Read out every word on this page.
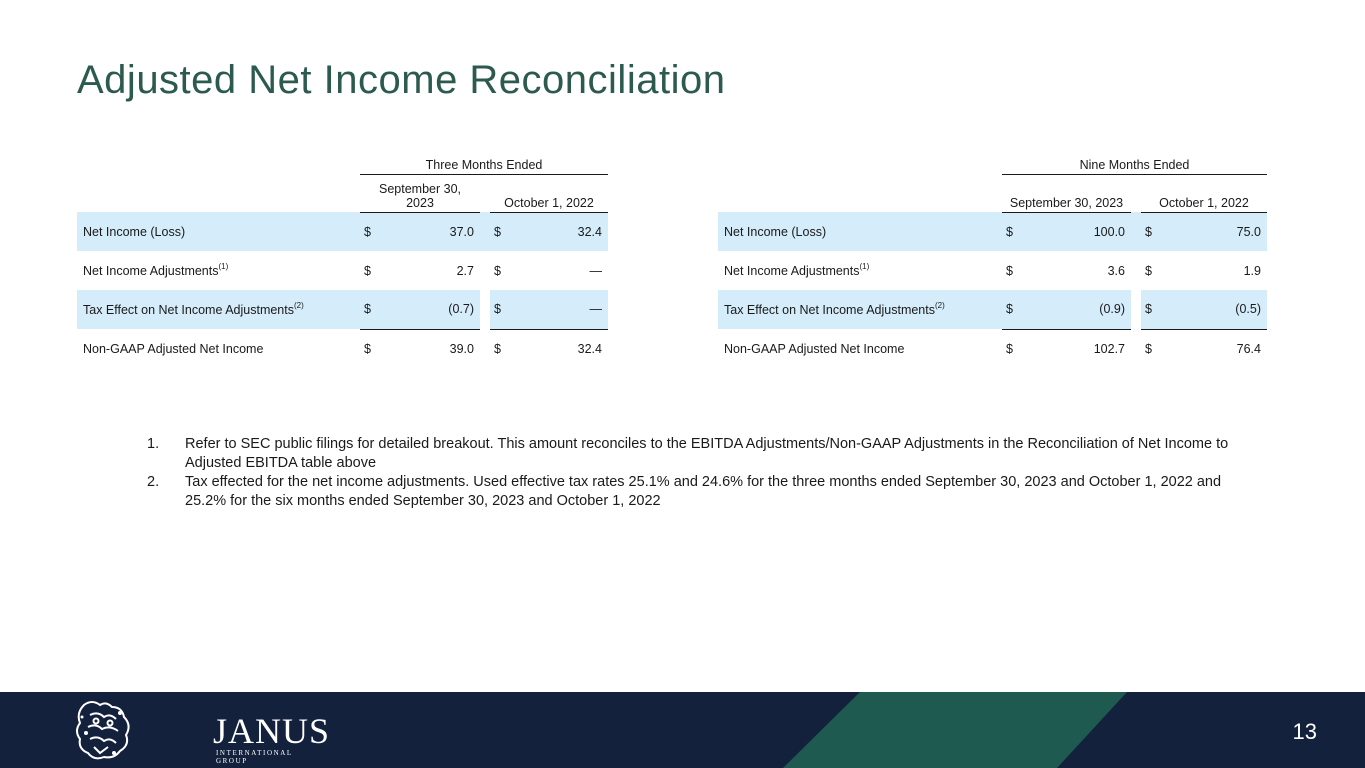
Adjusted Net Income Reconciliation
	Three Months Ended				
	September 30,
2023			October 1, 2022	
Net Income (Loss)	$	37.0		$	32.4
Net Income Adjustments$^{(1)}$	$	2.7		$	—
Tax Effect on Net Income Adjustments$^{(2)}$	$	(0.7)		$	—
Non-GAAP Adjusted Net Income	$	39.0		$	32.4
	Nine Months Ended				
	September 30, 2023			October 1, 2022	
Net Income (Loss)	$	100.0		$	75.0
Net Income Adjustments$^{(1)}$	$	3.6		$	1.9
Tax Effect on Net Income Adjustments$^{(2)}$	$	(0.9)		$	(0.5)
Non-GAAP Adjusted Net Income	$	102.7		$	76.4
1. Refer to SEC public filings for detailed breakout. This amount reconciles to the EBITDA Adjustments/Non-GAAP Adjustments in the Reconciliation of Net Income to Adjusted EBITDA table above
2. Tax effected for the net income adjustments. Used effective tax rates 25.1% and 24.6% for the three months ended September 30, 2023 and October 1, 2022 and 25.2% for the six months ended September 30, 2023 and October 1, 2022
JANUS
INTERNATIONAL GROUP
13
